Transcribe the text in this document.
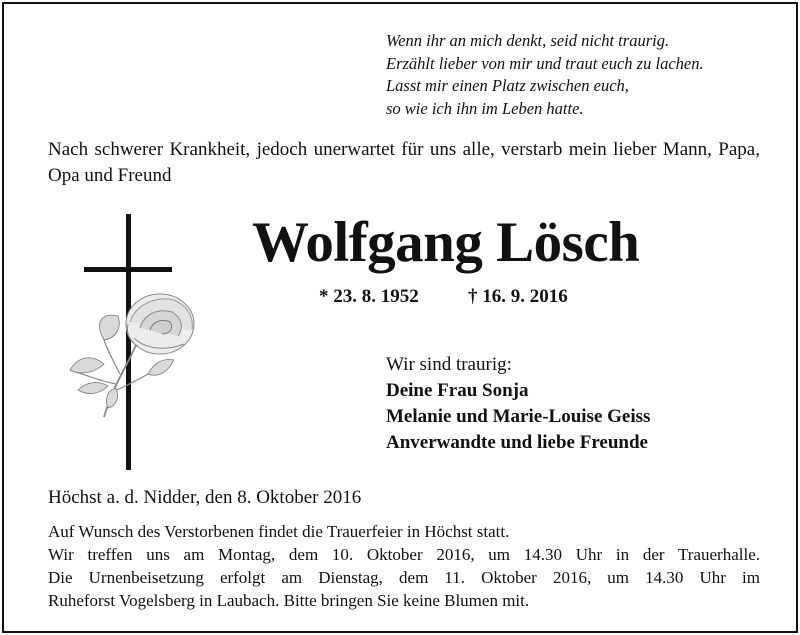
Wenn ihr an mich denkt, seid nicht traurig.
Erzählt lieber von mir und traut euch zu lachen.
Lasst mir einen Platz zwischen euch,
so wie ich ihn im Leben hatte.
Nach schwerer Krankheit, jedoch unerwartet für uns alle, verstarb mein lieber Mann, Papa, Opa und Freund
Wolfgang Lösch
* 23. 8. 1952	† 16. 9. 2016
Wir sind traurig:
Deine Frau Sonja
Melanie und Marie-Louise Geiss
Anverwandte und liebe Freunde
Höchst a. d. Nidder, den 8. Oktober 2016
Auf Wunsch des Verstorbenen findet die Trauerfeier in Höchst statt.
Wir treffen uns am Montag, dem 10. Oktober 2016, um 14.30 Uhr in der Trauerhalle.
Die Urnenbeisetzung erfolgt am Dienstag, dem 11. Oktober 2016, um 14.30 Uhr im
Ruheforst Vogelsberg in Laubach. Bitte bringen Sie keine Blumen mit.
